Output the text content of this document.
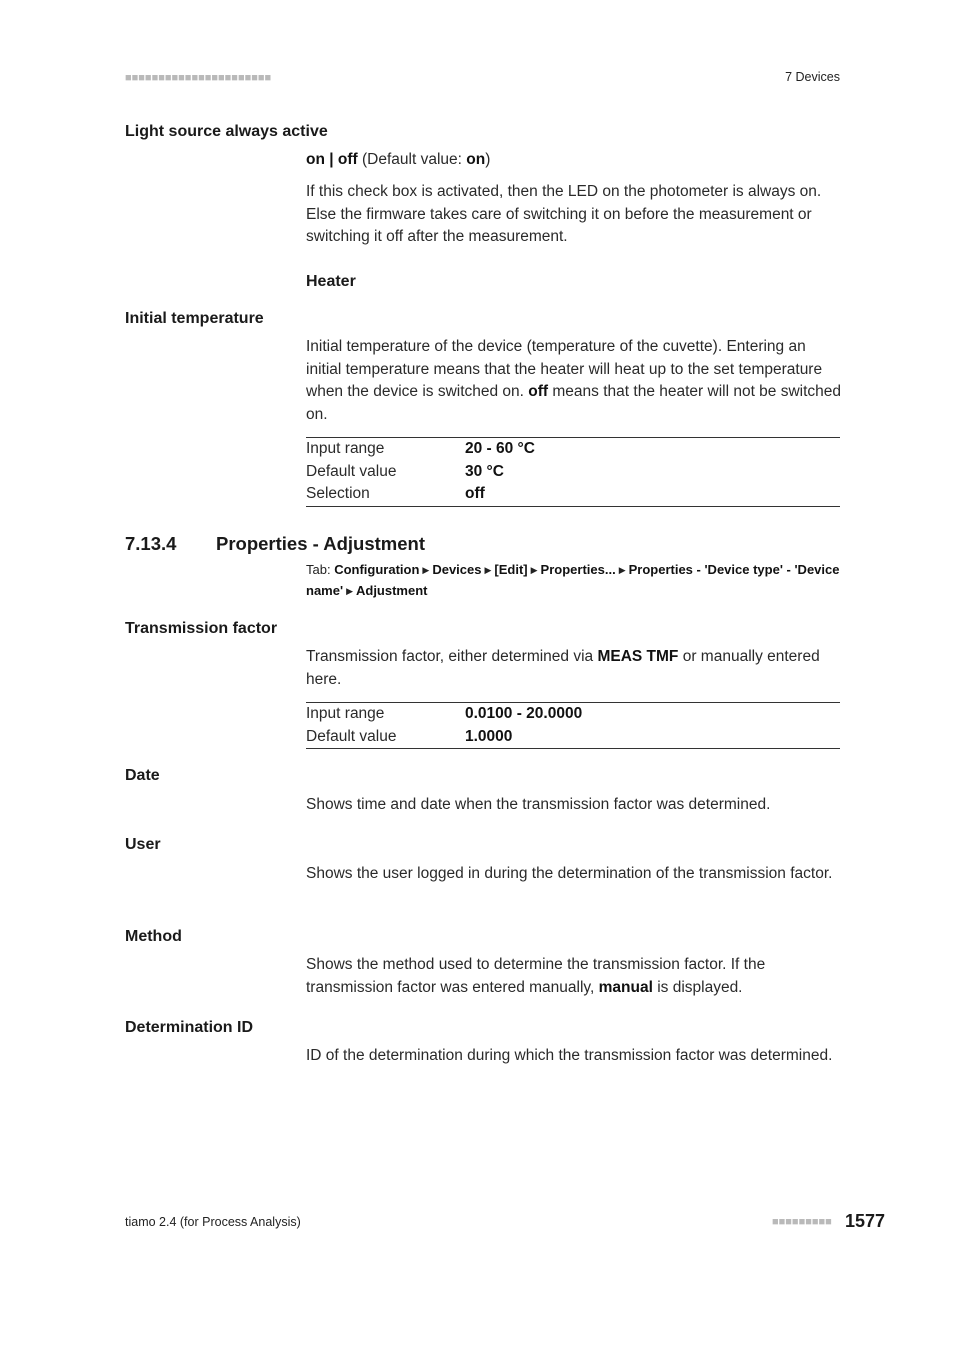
■■■■■■■■■■■■■■■■■■■■■■	7 Devices
Light source always active
on | off (Default value: on)
If this check box is activated, then the LED on the photometer is always on. Else the firmware takes care of switching it on before the measurement or switching it off after the measurement.
Heater
Initial temperature
Initial temperature of the device (temperature of the cuvette). Entering an initial temperature means that the heater will heat up to the set temperature when the device is switched on. off means that the heater will not be switched on.
Input range	20 - 60 °C
Default value	30 °C
Selection	off
7.13.4 Properties - Adjustment
Tab: Configuration ▶ Devices ▶ [Edit] ▶ Properties... ▶ Properties - 'Device type' - 'Device name' ▶ Adjustment
Transmission factor
Transmission factor, either determined via MEAS TMF or manually entered here.
Input range	0.0100 - 20.0000
Default value	1.0000
Date
Shows time and date when the transmission factor was determined.
User
Shows the user logged in during the determination of the transmission factor.
Method
Shows the method used to determine the transmission factor. If the transmission factor was entered manually, manual is displayed.
Determination ID
ID of the determination during which the transmission factor was determined.
tiamo 2.4 (for Process Analysis)	■■■■■■■■■ 1577
